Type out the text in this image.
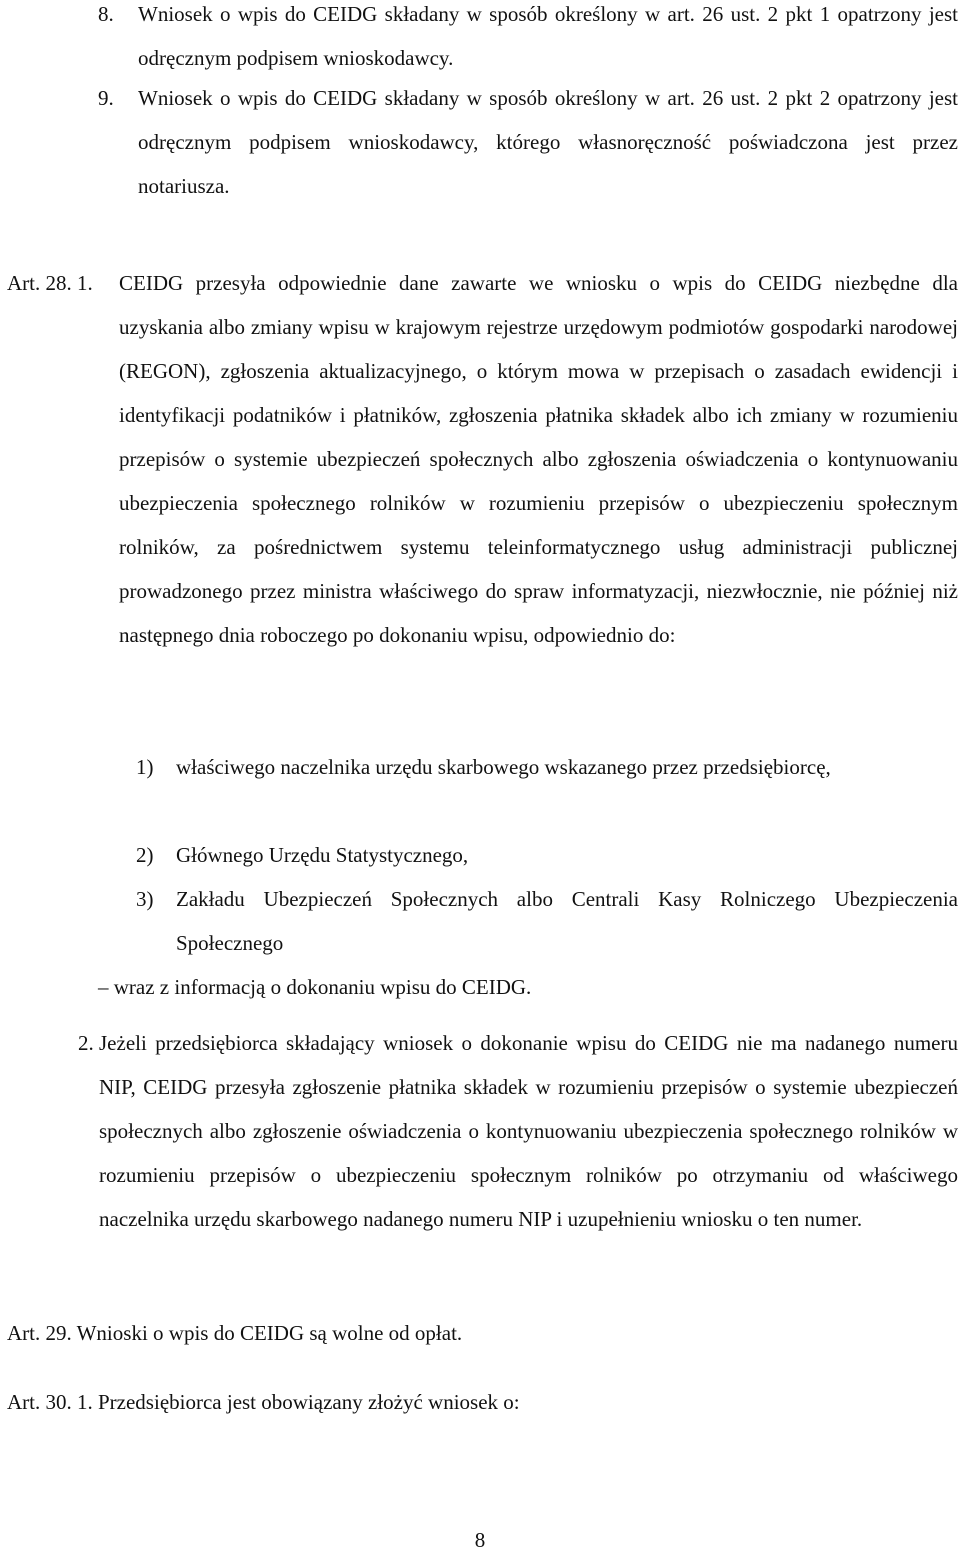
8. Wniosek o wpis do CEIDG składany w sposób określony w art. 26 ust. 2 pkt 1 opatrzony jest odręcznym podpisem wnioskodawcy.
9. Wniosek o wpis do CEIDG składany w sposób określony w art. 26 ust. 2 pkt 2 opatrzony jest odręcznym podpisem wnioskodawcy, którego własnoręczność poświadczona jest przez notariusza.
Art. 28. 1. CEIDG przesyła odpowiednie dane zawarte we wniosku o wpis do CEIDG niezbędne dla uzyskania albo zmiany wpisu w krajowym rejestrze urzędowym podmiotów gospodarki narodowej (REGON), zgłoszenia aktualizacyjnego, o którym mowa w przepisach o zasadach ewidencji i identyfikacji podatników i płatników, zgłoszenia płatnika składek albo ich zmiany w rozumieniu przepisów o systemie ubezpieczeń społecznych albo zgłoszenia oświadczenia o kontynuowaniu ubezpieczenia społecznego rolników w rozumieniu przepisów o ubezpieczeniu społecznym rolników, za pośrednictwem systemu teleinformatycznego usług administracji publicznej prowadzonego przez ministra właściwego do spraw informatyzacji, niezwłocznie, nie później niż następnego dnia roboczego po dokonaniu wpisu, odpowiednio do:
1) właściwego naczelnika urzędu skarbowego wskazanego przez przedsiębiorcę,
2) Głównego Urzędu Statystycznego,
3) Zakładu Ubezpieczeń Społecznych albo Centrali Kasy Rolniczego Ubezpieczenia Społecznego
– wraz z informacją o dokonaniu wpisu do CEIDG.
2. Jeżeli przedsiębiorca składający wniosek o dokonanie wpisu do CEIDG nie ma nadanego numeru NIP, CEIDG przesyła zgłoszenie płatnika składek w rozumieniu przepisów o systemie ubezpieczeń społecznych albo zgłoszenie oświadczenia o kontynuowaniu ubezpieczenia społecznego rolników w rozumieniu przepisów o ubezpieczeniu społecznym rolników po otrzymaniu od właściwego naczelnika urzędu skarbowego nadanego numeru NIP i uzupełnieniu wniosku o ten numer.
Art. 29. Wnioski o wpis do CEIDG są wolne od opłat.
Art. 30. 1. Przedsiębiorca jest obowiązany złożyć wniosek o:
8
